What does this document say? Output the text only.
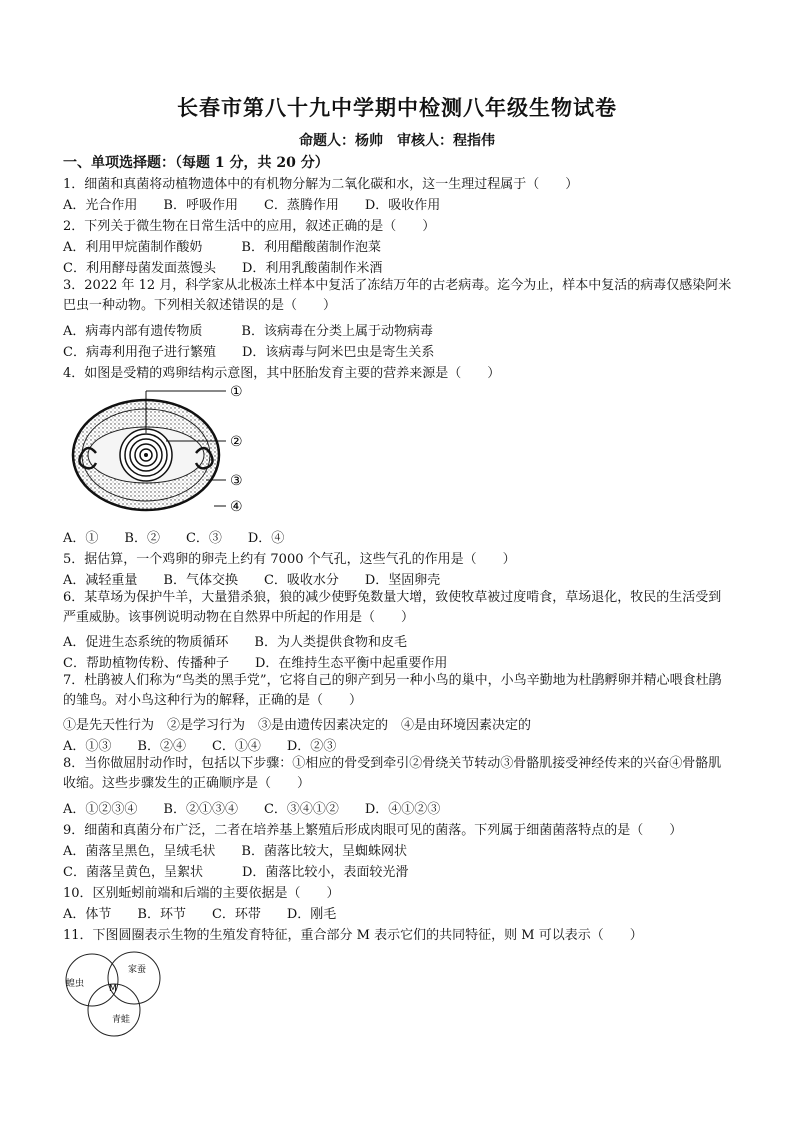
长春市第八十九中学期中检测八年级生物试卷
命题人：杨帅　审核人：程指伟
一、单项选择题：（每题 1 分，共 20 分）
1．细菌和真菌将动植物遗体中的有机物分解为二氧化碳和水，这一生理过程属于（　　）
A．光合作用　　B．呼吸作用　　C．蒸腾作用　　D．吸收作用
2．下列关于微生物在日常生活中的应用，叙述正确的是（　　）
A．利用甲烷菌制作酸奶　　　B．利用醋酸菌制作泡菜
C．利用酵母菌发面蒸馒头　　D．利用乳酸菌制作米酒
3．2022 年 12 月，科学家从北极冻土样本中复活了冻结万年的古老病毒。迄今为止，样本中复活的病毒仅感染阿米巴虫一种动物。下列相关叙述错误的是（　　）
A．病毒内部有遗传物质　　　B．该病毒在分类上属于动物病毒
C．病毒利用孢子进行繁殖　　D．该病毒与阿米巴虫是寄生关系
4．如图是受精的鸡卵结构示意图，其中胚胎发育主要的营养来源是（　　）
①
②
③
④
A．①　　B．②　　C．③　　D．④
5．据估算，一个鸡卵的卵壳上约有 7000 个气孔，这些气孔的作用是（　　）
A．减轻重量　　B．气体交换　　C．吸收水分　　D．坚固卵壳
6．某草场为保护牛羊，大量猎杀狼，狼的减少使野兔数量大增，致使牧草被过度啃食，草场退化，牧民的生活受到严重威胁。该事例说明动物在自然界中所起的作用是（　　）
A．促进生态系统的物质循环　　B．为人类提供食物和皮毛
C．帮助植物传粉、传播种子　　D．在维持生态平衡中起重要作用
7．杜鹃被人们称为“鸟类的黑手党”，它将自己的卵产到另一种小鸟的巢中，小鸟辛勤地为杜鹃孵卵并精心喂食杜鹃的雏鸟。对小鸟这种行为的解释，正确的是（　　）
①是先天性行为　②是学习行为　③是由遗传因素决定的　④是由环境因素决定的
A．①③　　B．②④　　C．①④　　D．②③
8．当你做屈肘动作时，包括以下步骤：①相应的骨受到牵引②骨绕关节转动③骨骼肌接受神经传来的兴奋④骨骼肌收缩。这些步骤发生的正确顺序是（　　）
A．①②③④　　B．②①③④　　C．③④①②　　D．④①②③
9．细菌和真菌分布广泛，二者在培养基上繁殖后形成肉眼可见的菌落。下列属于细菌菌落特点的是（　　）
A．菌落呈黑色，呈绒毛状　　B．菌落比较大，呈蜘蛛网状
C．菌落呈黄色，呈絮状　　　D．菌落比较小，表面较光滑
10．区别蚯蚓前端和后端的主要依据是（　　）
A．体节　　B．环节　　C．环带　　D．刚毛
11．下图圆圈表示生物的生殖发育特征，重合部分 M 表示它们的共同特征，则 M 可以表示（　　）
蝗虫
家蚕
青蛙
M
